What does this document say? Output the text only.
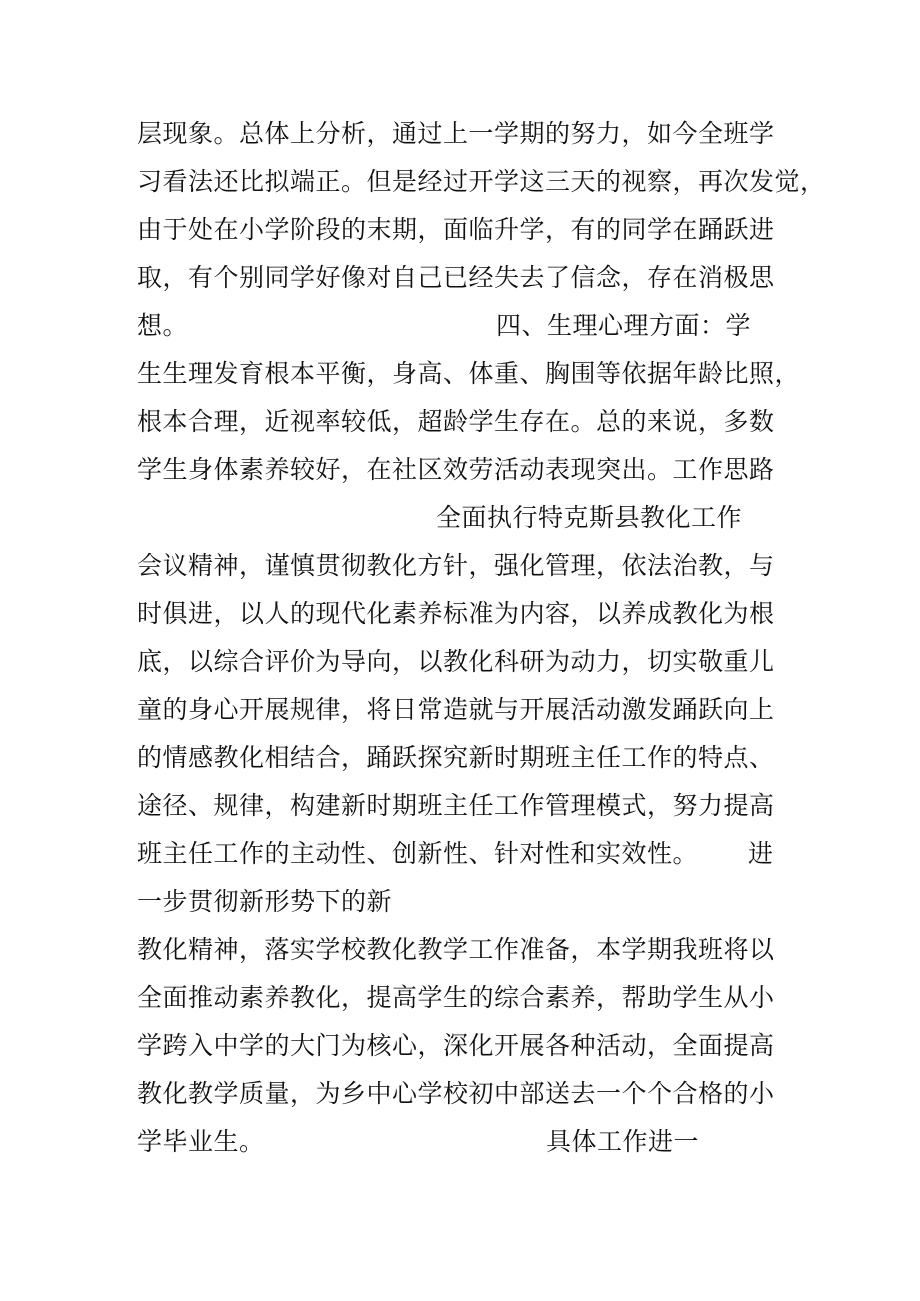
层现象。总体上分析，通过上一学期的努力，如今全班学
习看法还比拟端正。但是经过开学这三天的视察，再次发觉，
由于处在小学阶段的末期，面临升学，有的同学在踊跃进
取，有个别同学好像对自己已经失去了信念，存在消极思
想。	四、生理心理方面：学
生生理发育根本平衡，身高、体重、胸围等依据年龄比照，
根本合理，近视率较低，超龄学生存在。总的来说，多数
学生身体素养较好，在社区效劳活动表现突出。工作思路
全面执行特克斯县教化工作
会议精神，谨慎贯彻教化方针，强化管理，依法治教，与
时俱进，以人的现代化素养标准为内容，以养成教化为根
底，以综合评价为导向，以教化科研为动力，切实敬重儿
童的身心开展规律，将日常造就与开展活动激发踊跃向上
的情感教化相结合，踊跃探究新时期班主任工作的特点、
途径、规律，构建新时期班主任工作管理模式，努力提高
班主任工作的主动性、创新性、针对性和实效性。 进
一步贯彻新形势下的新
教化精神，落实学校教化教学工作准备，本学期我班将以
全面推动素养教化，提高学生的综合素养，帮助学生从小
学跨入中学的大门为核心，深化开展各种活动，全面提高
教化教学质量，为乡中心学校初中部送去一个个合格的小
学毕业生。	具体工作进一
